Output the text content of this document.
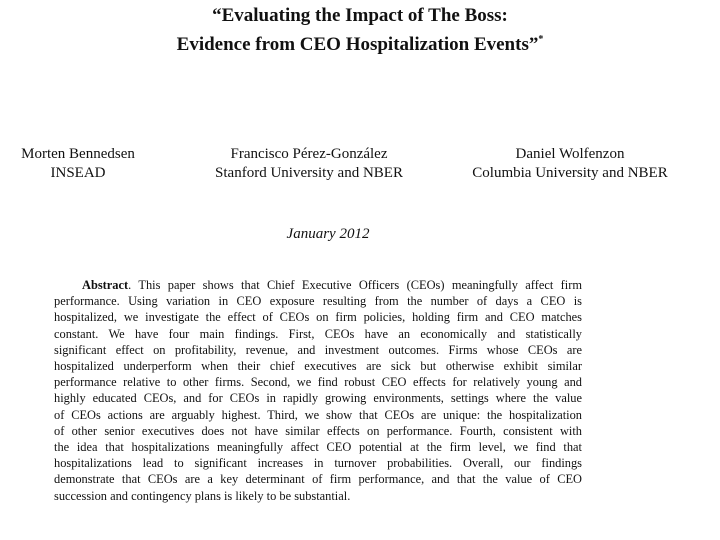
“Evaluating the Impact of The Boss:
Evidence from CEO Hospitalization Events”*
Morten Bennedsen
INSEAD
Francisco Pérez-González
Stanford University and NBER
Daniel Wolfenzon
Columbia University and NBER
January 2012
Abstract. This paper shows that Chief Executive Officers (CEOs) meaningfully affect firm
performance. Using variation in CEO exposure resulting from the number of days a CEO is
hospitalized, we investigate the effect of CEOs on firm policies, holding firm and CEO matches
constant. We have four main findings. First, CEOs have an economically and statistically
significant effect on profitability, revenue, and investment outcomes. Firms whose CEOs are
hospitalized underperform when their chief executives are sick but otherwise exhibit similar
performance relative to other firms. Second, we find robust CEO effects for relatively young and
highly educated CEOs, and for CEOs in rapidly growing environments, settings where the value
of CEOs actions are arguably highest. Third, we show that CEOs are unique: the hospitalization
of other senior executives does not have similar effects on performance. Fourth, consistent with
the idea that hospitalizations meaningfully affect CEO potential at the firm level, we find that
hospitalizations lead to significant increases in turnover probabilities. Overall, our findings
demonstrate that CEOs are a key determinant of firm performance, and that the value of CEO
succession and contingency plans is likely to be substantial.
